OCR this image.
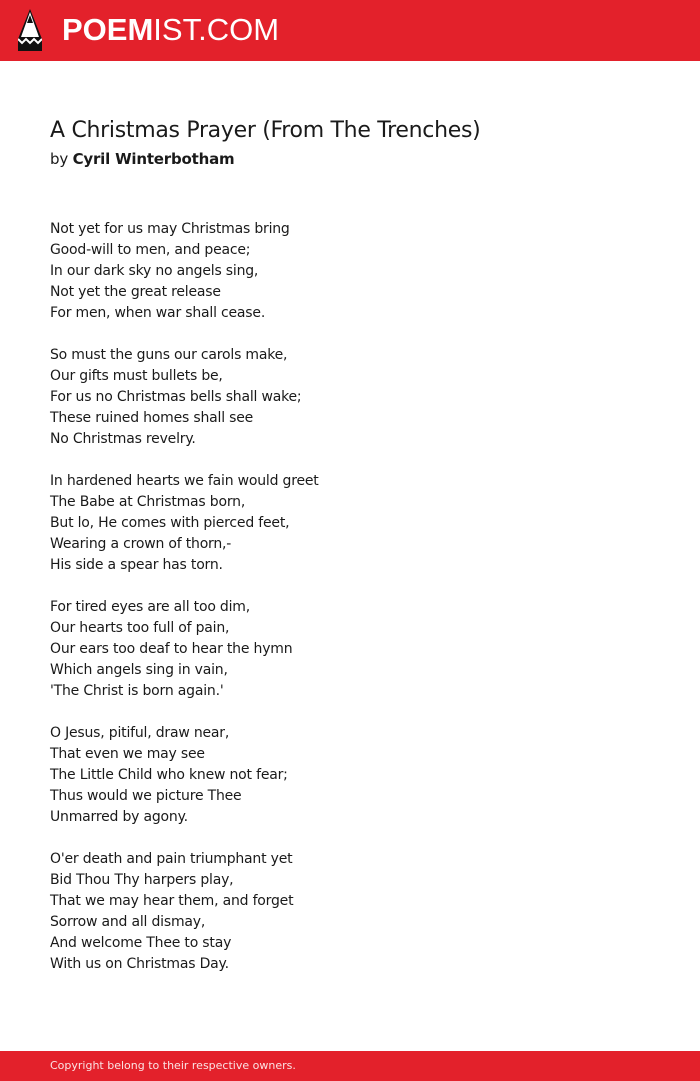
POEMIST.COM
A Christmas Prayer (From The Trenches)
by Cyril Winterbotham
Not yet for us may Christmas bring
Good-will to men, and peace;
In our dark sky no angels sing,
Not yet the great release
For men, when war shall cease.
So must the guns our carols make,
Our gifts must bullets be,
For us no Christmas bells shall wake;
These ruined homes shall see
No Christmas revelry.
In hardened hearts we fain would greet
The Babe at Christmas born,
But lo, He comes with pierced feet,
Wearing a crown of thorn,-
His side a spear has torn.
For tired eyes are all too dim,
Our hearts too full of pain,
Our ears too deaf to hear the hymn
Which angels sing in vain,
'The Christ is born again.'
O Jesus, pitiful, draw near,
That even we may see
The Little Child who knew not fear;
Thus would we picture Thee
Unmarred by agony.
O'er death and pain triumphant yet
Bid Thou Thy harpers play,
That we may hear them, and forget
Sorrow and all dismay,
And welcome Thee to stay
With us on Christmas Day.
Copyright belong to their respective owners.
